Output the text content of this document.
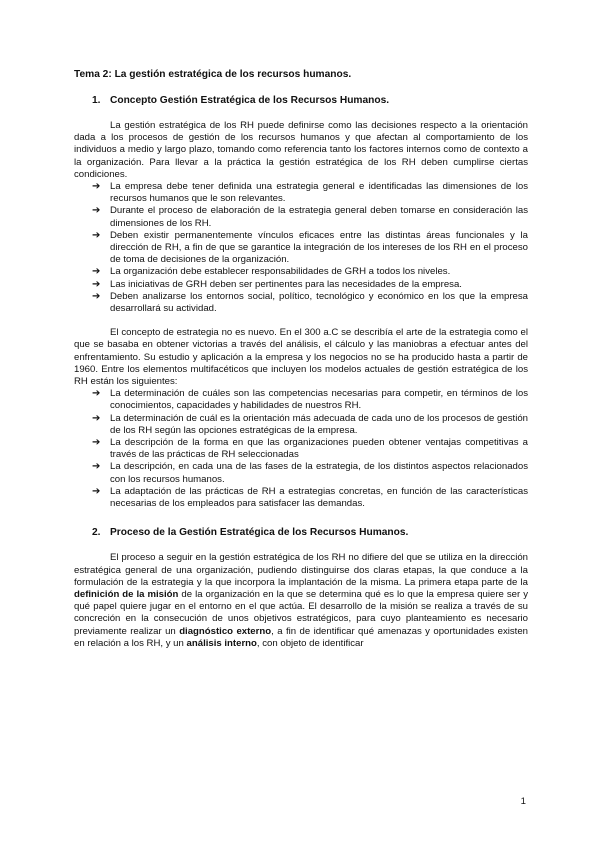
Tema 2: La gestión estratégica de los recursos humanos.

1. Concepto Gestión Estratégica de los Recursos Humanos.

La gestión estratégica de los RH puede definirse como las decisiones respecto a la orientación dada a los procesos de gestión de los recursos humanos y que afectan al comportamiento de los individuos a medio y largo plazo, tomando como referencia tanto los factores internos como de contexto a la organización. Para llevar a la práctica la gestión estratégica de los RH deben cumplirse ciertas condiciones.

➔ La empresa debe tener definida una estrategia general e identificadas las dimensiones de los recursos humanos que le son relevantes.
➔ Durante el proceso de elaboración de la estrategia general deben tomarse en consideración las dimensiones de los RH.
➔ Deben existir permanentemente vínculos eficaces entre las distintas áreas funcionales y la dirección de RH, a fin de que se garantice la integración de los intereses de los RH en el proceso de toma de decisiones de la organización.
➔ La organización debe establecer responsabilidades de GRH a todos los niveles.
➔ Las iniciativas de GRH deben ser pertinentes para las necesidades de la empresa.
➔ Deben analizarse los entornos social, político, tecnológico y económico en los que la empresa desarrollará su actividad.

El concepto de estrategia no es nuevo. En el 300 a.C se describía el arte de la estrategia como el que se basaba en obtener victorias a través del análisis, el cálculo y las maniobras a efectuar antes del enfrentamiento. Su estudio y aplicación a la empresa y los negocios no se ha producido hasta a partir de 1960. Entre los elementos multifacéticos que incluyen los modelos actuales de gestión estratégica de los RH están los siguientes:

➔ La determinación de cuáles son las competencias necesarias para competir, en términos de los conocimientos, capacidades y habilidades de nuestros RH.
➔ La determinación de cuál es la orientación más adecuada de cada uno de los procesos de gestión de los RH según las opciones estratégicas de la empresa.
➔ La descripción de la forma en que las organizaciones pueden obtener ventajas competitivas a través de las prácticas de RH seleccionadas
➔ La descripción, en cada una de las fases de la estrategia, de los distintos aspectos relacionados con los recursos humanos.
➔ La adaptación de las prácticas de RH a estrategias concretas, en función de las características necesarias de los empleados para satisfacer las demandas.
2. Proceso de la Gestión Estratégica de los Recursos Humanos.

El proceso a seguir en la gestión estratégica de los RH no difiere del que se utiliza en la dirección estratégica general de una organización, pudiendo distinguirse dos claras etapas, la que conduce a la formulación de la estrategia y la que incorpora la implantación de la misma. La primera etapa parte de la definición de la misión de la organización en la que se determina qué es lo que la empresa quiere ser y qué papel quiere jugar en el entorno en el que actúa. El desarrollo de la misión se realiza a través de su concreción en la consecución de unos objetivos estratégicos, para cuyo planteamiento es necesario previamente realizar un diagnóstico externo, a fin de identificar qué amenazas y oportunidades existen en relación a los RH, y un análisis interno, con objeto de identificar

1
